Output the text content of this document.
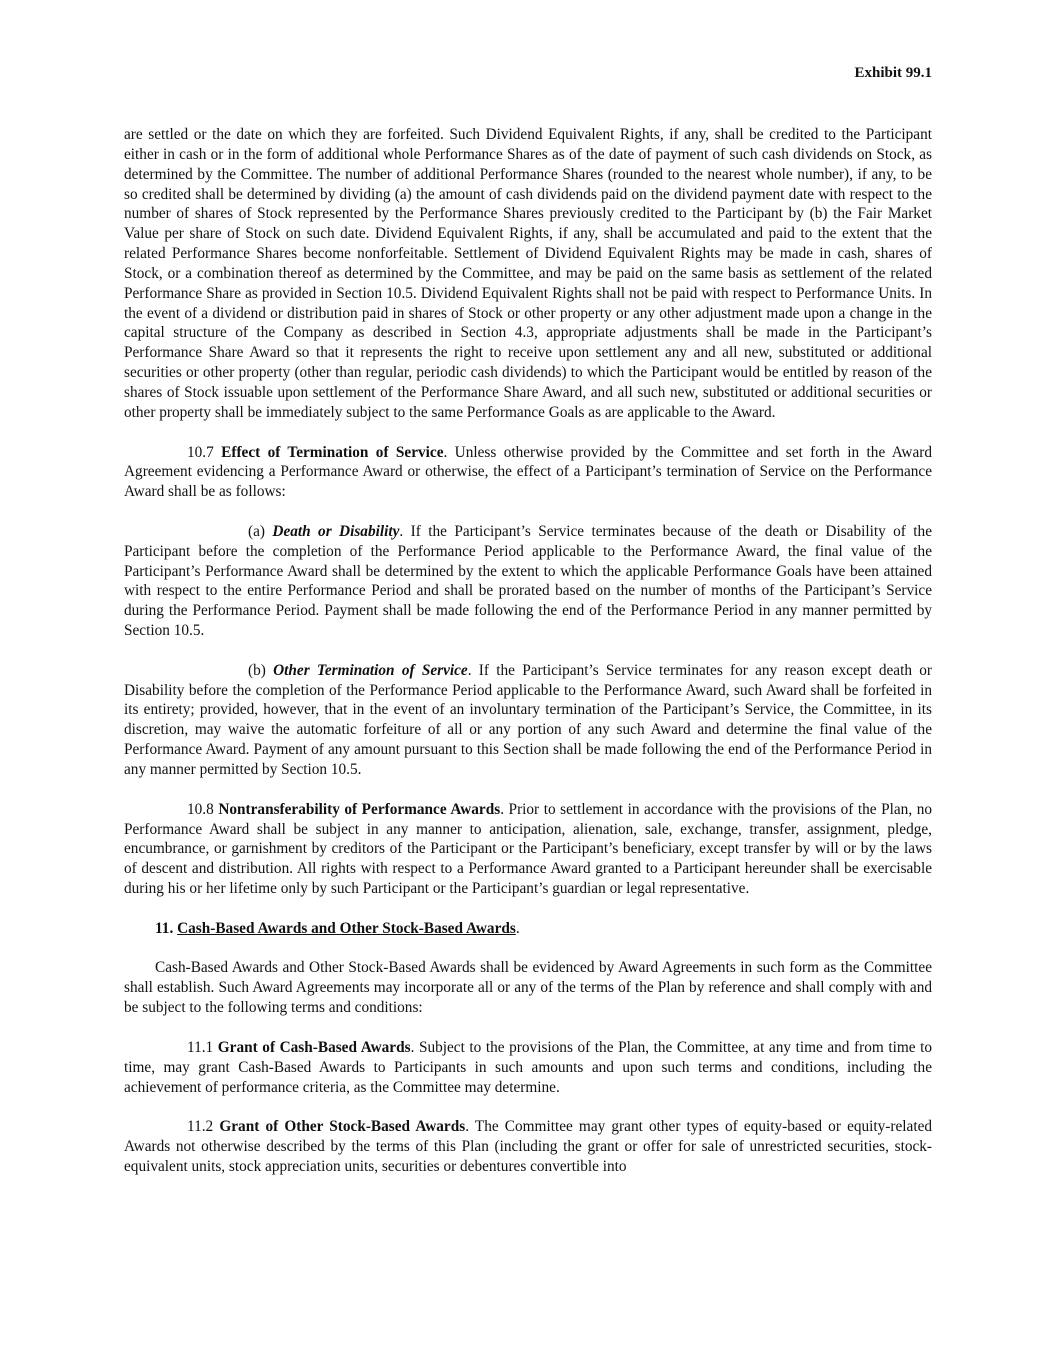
Exhibit 99.1

are settled or the date on which they are forfeited. Such Dividend Equivalent Rights, if any, shall be credited to the Participant either in cash or in the form of additional whole Performance Shares as of the date of payment of such cash dividends on Stock, as determined by the Committee. The number of additional Performance Shares (rounded to the nearest whole number), if any, to be so credited shall be determined by dividing (a) the amount of cash dividends paid on the dividend payment date with respect to the number of shares of Stock represented by the Performance Shares previously credited to the Participant by (b) the Fair Market Value per share of Stock on such date. Dividend Equivalent Rights, if any, shall be accumulated and paid to the extent that the related Performance Shares become nonforfeitable. Settlement of Dividend Equivalent Rights may be made in cash, shares of Stock, or a combination thereof as determined by the Committee, and may be paid on the same basis as settlement of the related Performance Share as provided in Section 10.5. Dividend Equivalent Rights shall not be paid with respect to Performance Units. In the event of a dividend or distribution paid in shares of Stock or other property or any other adjustment made upon a change in the capital structure of the Company as described in Section 4.3, appropriate adjustments shall be made in the Participant’s Performance Share Award so that it represents the right to receive upon settlement any and all new, substituted or additional securities or other property (other than regular, periodic cash dividends) to which the Participant would be entitled by reason of the shares of Stock issuable upon settlement of the Performance Share Award, and all such new, substituted or additional securities or other property shall be immediately subject to the same Performance Goals as are applicable to the Award.

10.7 Effect of Termination of Service. Unless otherwise provided by the Committee and set forth in the Award Agreement evidencing a Performance Award or otherwise, the effect of a Participant’s termination of Service on the Performance Award shall be as follows:

(a) Death or Disability. If the Participant’s Service terminates because of the death or Disability of the Participant before the completion of the Performance Period applicable to the Performance Award, the final value of the Participant’s Performance Award shall be determined by the extent to which the applicable Performance Goals have been attained with respect to the entire Performance Period and shall be prorated based on the number of months of the Participant’s Service during the Performance Period. Payment shall be made following the end of the Performance Period in any manner permitted by Section 10.5.

(b) Other Termination of Service. If the Participant’s Service terminates for any reason except death or Disability before the completion of the Performance Period applicable to the Performance Award, such Award shall be forfeited in its entirety; provided, however, that in the event of an involuntary termination of the Participant’s Service, the Committee, in its discretion, may waive the automatic forfeiture of all or any portion of any such Award and determine the final value of the Performance Award. Payment of any amount pursuant to this Section shall be made following the end of the Performance Period in any manner permitted by Section 10.5.

10.8 Nontransferability of Performance Awards. Prior to settlement in accordance with the provisions of the Plan, no Performance Award shall be subject in any manner to anticipation, alienation, sale, exchange, transfer, assignment, pledge, encumbrance, or garnishment by creditors of the Participant or the Participant’s beneficiary, except transfer by will or by the laws of descent and distribution. All rights with respect to a Performance Award granted to a Participant hereunder shall be exercisable during his or her lifetime only by such Participant or the Participant’s guardian or legal representative.

11. Cash-Based Awards and Other Stock-Based Awards.

Cash-Based Awards and Other Stock-Based Awards shall be evidenced by Award Agreements in such form as the Committee shall establish. Such Award Agreements may incorporate all or any of the terms of the Plan by reference and shall comply with and be subject to the following terms and conditions:

11.1 Grant of Cash-Based Awards. Subject to the provisions of the Plan, the Committee, at any time and from time to time, may grant Cash-Based Awards to Participants in such amounts and upon such terms and conditions, including the achievement of performance criteria, as the Committee may determine.

11.2 Grant of Other Stock-Based Awards. The Committee may grant other types of equity-based or equity-related Awards not otherwise described by the terms of this Plan (including the grant or offer for sale of unrestricted securities, stock-equivalent units, stock appreciation units, securities or debentures convertible into
